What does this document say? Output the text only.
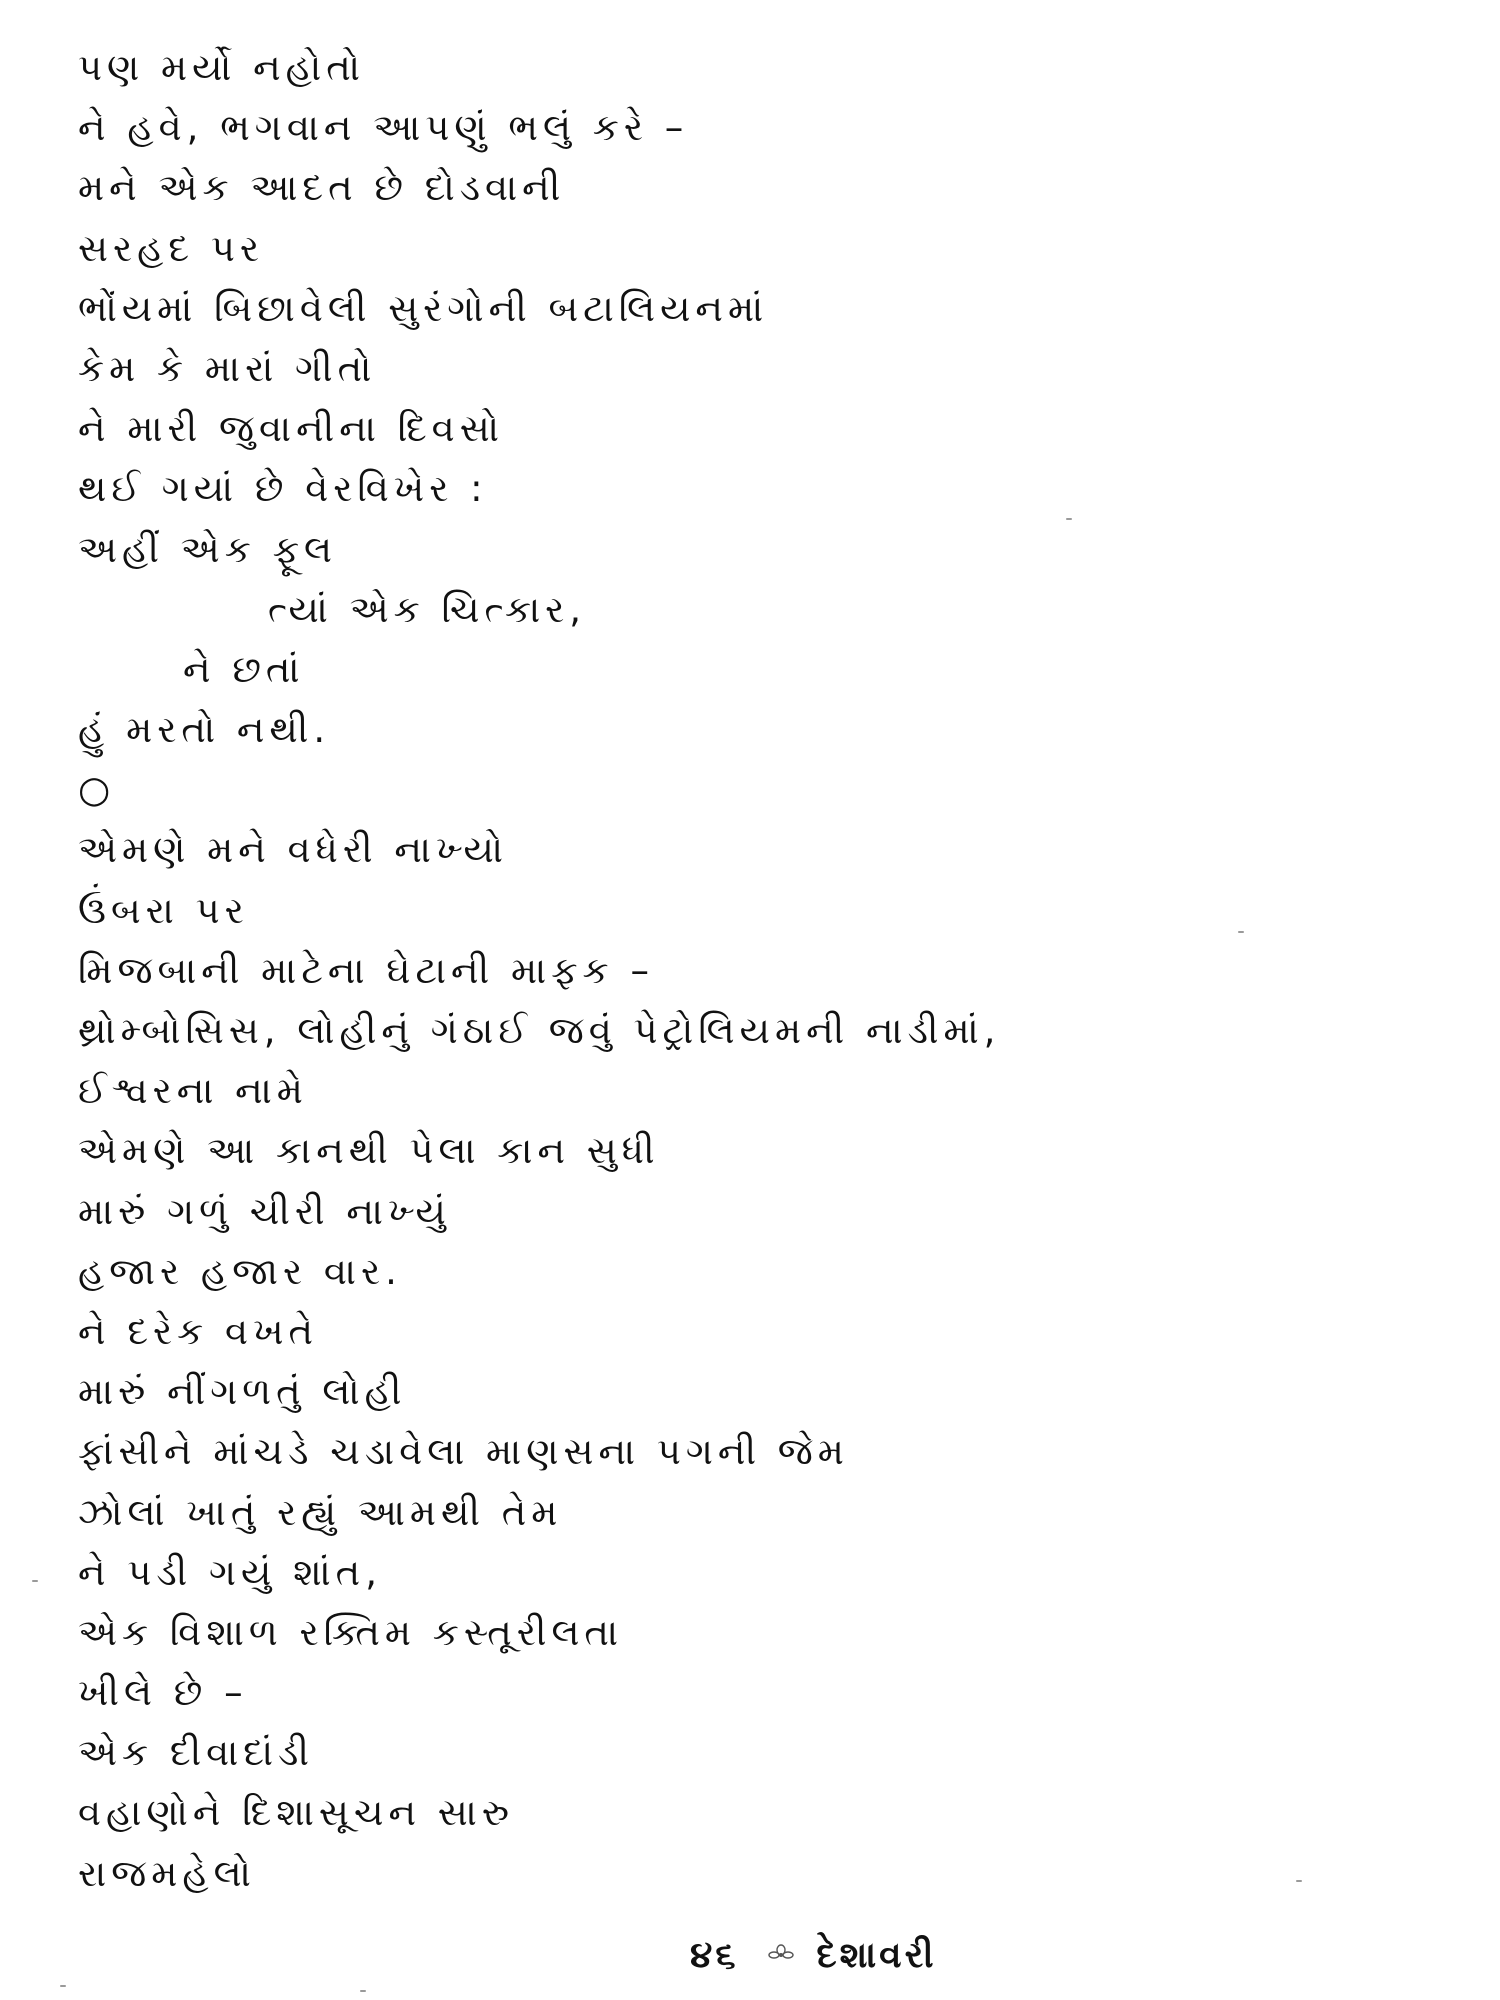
પણ મર્યો નહોતો
ને હવે, ભગવાન આપણું ભલું કરે –
મને એક આદત છે દોડવાની
સરહદ પર
ભોંયમાં બિછાવેલી સુરંગોની બટાલિયનમાં
કેમ કે મારાં ગીતો
ને મારી જુવાનીના દિવસો
થઈ ગયાં છે વેરવિખેર :
અહીં એક ફૂલ
ત્યાં એક ચિત્કાર,
ને છતાં
હું મરતો નથી.
○
એમણે મને વધેરી નાખ્યો
ઉંબરા પર
મિજબાની માટેના ઘેટાની માફક –
થ્રોમ્બોસિસ, લોહીનું ગંઠાઈ જવું પેટ્રોલિયમની નાડીમાં,
ઈશ્વરના નામે
એમણે આ કાનથી પેલા કાન સુધી
મારું ગળું ચીરી નાખ્યું
હજાર હજાર વાર.
ને દરેક વખતે
મારું નીંગળતું લોહી
ફાંસીને માંચડે ચડાવેલા માણસના પગની જેમ
ઝોલાં ખાતું રહ્યું આમથી તેમ
ને પડી ગયું શાંત,
એક વિશાળ રક્તિમ કસ્તૂરીલતા
ખીલે છે –
એક દીવાદાંડી
વહાણોને દિશાસૂચન સારુ
રાજમહેલો
૪૬ દેશાવરી
